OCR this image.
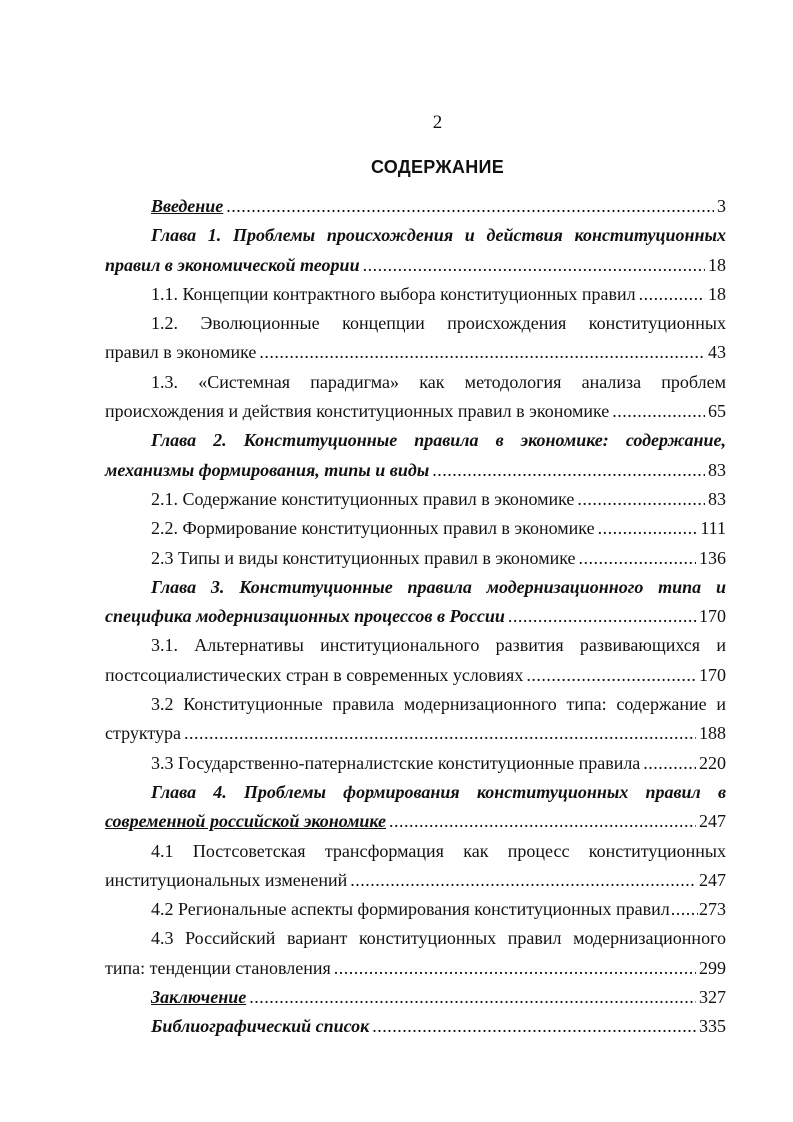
2
СОДЕРЖАНИЕ
Введение .....	3
Глава 1. Проблемы происхождения и действия конституционных
правил в экономической теории .....	18
1.1. Концепции контрактного выбора конституционных правил .....	18
1.2. Эволюционные концепции происхождения конституционных
правил в экономике .....	43
1.3. «Системная парадигма» как методология анализа проблем
происхождения и действия конституционных правил в экономике .....	65
Глава 2. Конституционные правила в экономике: содержание,
механизмы формирования, типы и виды .....	83
2.1. Содержание конституционных правил в экономике .....	83
2.2. Формирование конституционных правил в экономике .....	111
2.3 Типы и виды конституционных правил в экономике .....	136
Глава 3. Конституционные правила модернизационного типа и
специфика модернизационных процессов в России .....	170
3.1. Альтернативы институционального развития развивающихся и
постсоциалистических стран в современных условиях .....	170
3.2 Конституционные правила модернизационного типа: содержание и
структура .....	188
3.3 Государственно-патерналистские конституционные правила .....	220
Глава 4. Проблемы формирования конституционных правил в
современной российской экономике .....	247
4.1 Постсоветская трансформация как процесс конституционных
институциональных изменений .....	247
4.2 Региональные аспекты формирования конституционных правил ..... 273
4.3 Российский вариант конституционных правил модернизационного
типа: тенденции становления .....	299
Заключение .....	327
Библиографический список .....	335
